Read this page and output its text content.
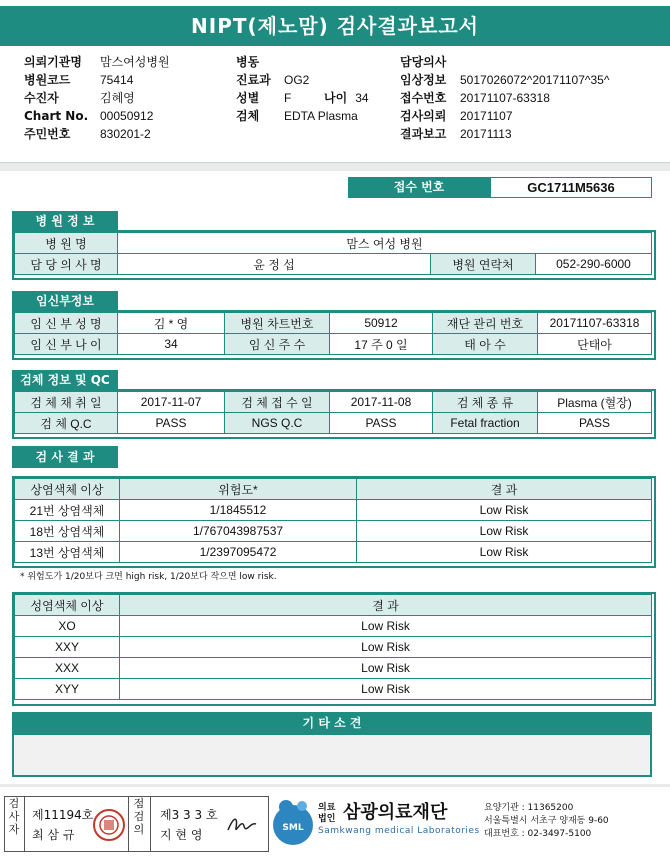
NIPT(제노맘) 검사결과보고서
의뢰기관명 맘스여성병원
병원코드 75414
수진자	김혜영
Chart No. 00050912
주민번호 830201-2
병동
진료과 OG2
성별 F	나이 34
검체 EDTA Plasma
담당의사
임상정보 5017026072^20171107^35^
접수번호 20171107-63318
검사의뢰 20171107
결과보고 20171113
접수 번호	GC1711M5636
병 원 정 보
병 원 명	맘스 여성 병원		
담 당 의 사 명	윤 정 섭	병원 연락처	052-290-6000
임신부정보
임 신 부 성 명	김 * 영	병원 차트번호	50912	재단 관리 번호	20171107-63318
임 신 부 나 이	34	임 신 주 수	17 주 0 일	태 아 수	단태아
검체 정보 및 QC
검 체 채 취 일	2017-11-07	검 체 접 수 일	2017-11-08	검 체 종 류	Plasma (혈장)
검 체 Q.C	PASS	NGS Q.C	PASS	Fetal fraction	PASS
검 사 결 과
상염색체 이상	위험도*	결 과
21번 상염색체	1/1845512	Low Risk
18번 상염색체	1/767043987537	Low Risk
13번 상염색체	1/2397095472	Low Risk
* 위험도가 1/20보다 크면 high risk, 1/20보다 작으면 low risk.
성염색체 이상	결 과
XO	Low Risk
XXY	Low Risk
XXX	Low Risk
XYY	Low Risk
기 타 소 견
검사자
제11194호
최 삼 규
점검의
제3 3 3 호
지 현 영	SML
의료
법인 삼광의료재단
Samkwang medical Laboratories
요양기관 : 11365200
서울특별시 서초구 양재동 9-60
대표번호 : 02-3497-5100
